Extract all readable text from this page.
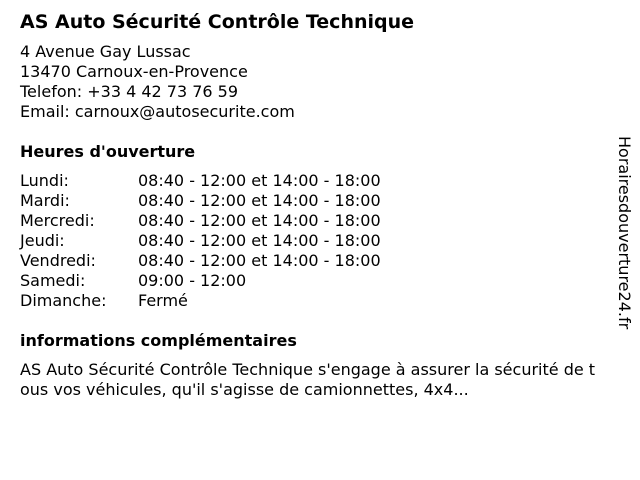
AS Auto Sécurité Contrôle Technique
4 Avenue Gay Lussac
13470 Carnoux-en-Provence
Telefon: +33 4 42 73 76 59
Email: carnoux@autosecurite.com
Heures d'ouverture
Lundi:	08:40 - 12:00 et 14:00 - 18:00
Mardi:	08:40 - 12:00 et 14:00 - 18:00
Mercredi:	08:40 - 12:00 et 14:00 - 18:00
Jeudi:	08:40 - 12:00 et 14:00 - 18:00
Vendredi:	08:40 - 12:00 et 14:00 - 18:00
Samedi:	09:00 - 12:00
Dimanche:	Fermé
informations complémentaires
AS Auto Sécurité Contrôle Technique s'engage à assurer la sécurité de tous vos véhicules, qu'il s'agisse de camionnettes, 4x4...
Horairesdouverture24.fr
